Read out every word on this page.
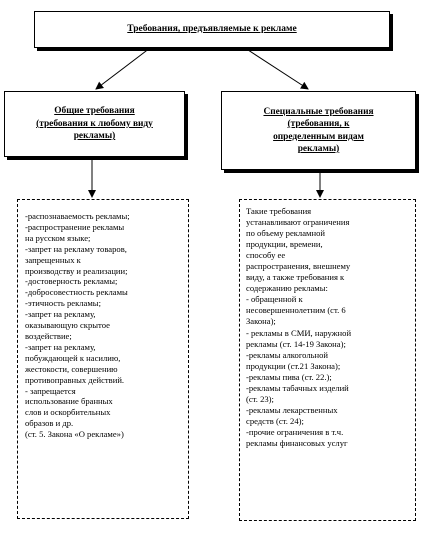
Требования, предъявляемые к рекламе

Общие требования
(требования к любому виду
рекламы)

Специальные требования
(требования, к
определенным видам
рекламы)

-распознаваемость рекламы;
-распространение рекламы
на русском языке;
-запрет на рекламу товаров,
запрещенных к
производству и реализации;
-достоверность рекламы;
-добросовестность рекламы
-этичность рекламы;
-запрет на рекламу,
оказывающую скрытое
воздействие;
-запрет на рекламу,
побуждающей к насилию,
жестокости, совершению
противоправных действий.
- запрещается
использование бранных
слов и оскорбительных
образов и др.
(ст. 5. Закона «О рекламе»)

Такие требования
устанавливают ограничения
по объему рекламной
продукции, времени,
способу ее
распространения, внешнему
виду, а также требования к
содержанию рекламы:
- обращенной к
несовершеннолетним (ст. 6
Закона);
- рекламы в СМИ, наружной
рекламы (ст. 14-19 Закона);
-рекламы алкогольной
продукции (ст.21 Закона);
-рекламы пива (ст. 22.);
-рекламы табачных изделий
(ст. 23);
-рекламы лекарственных
средств (ст. 24);
-прочие ограничения в т.ч.
рекламы финансовых услуг
